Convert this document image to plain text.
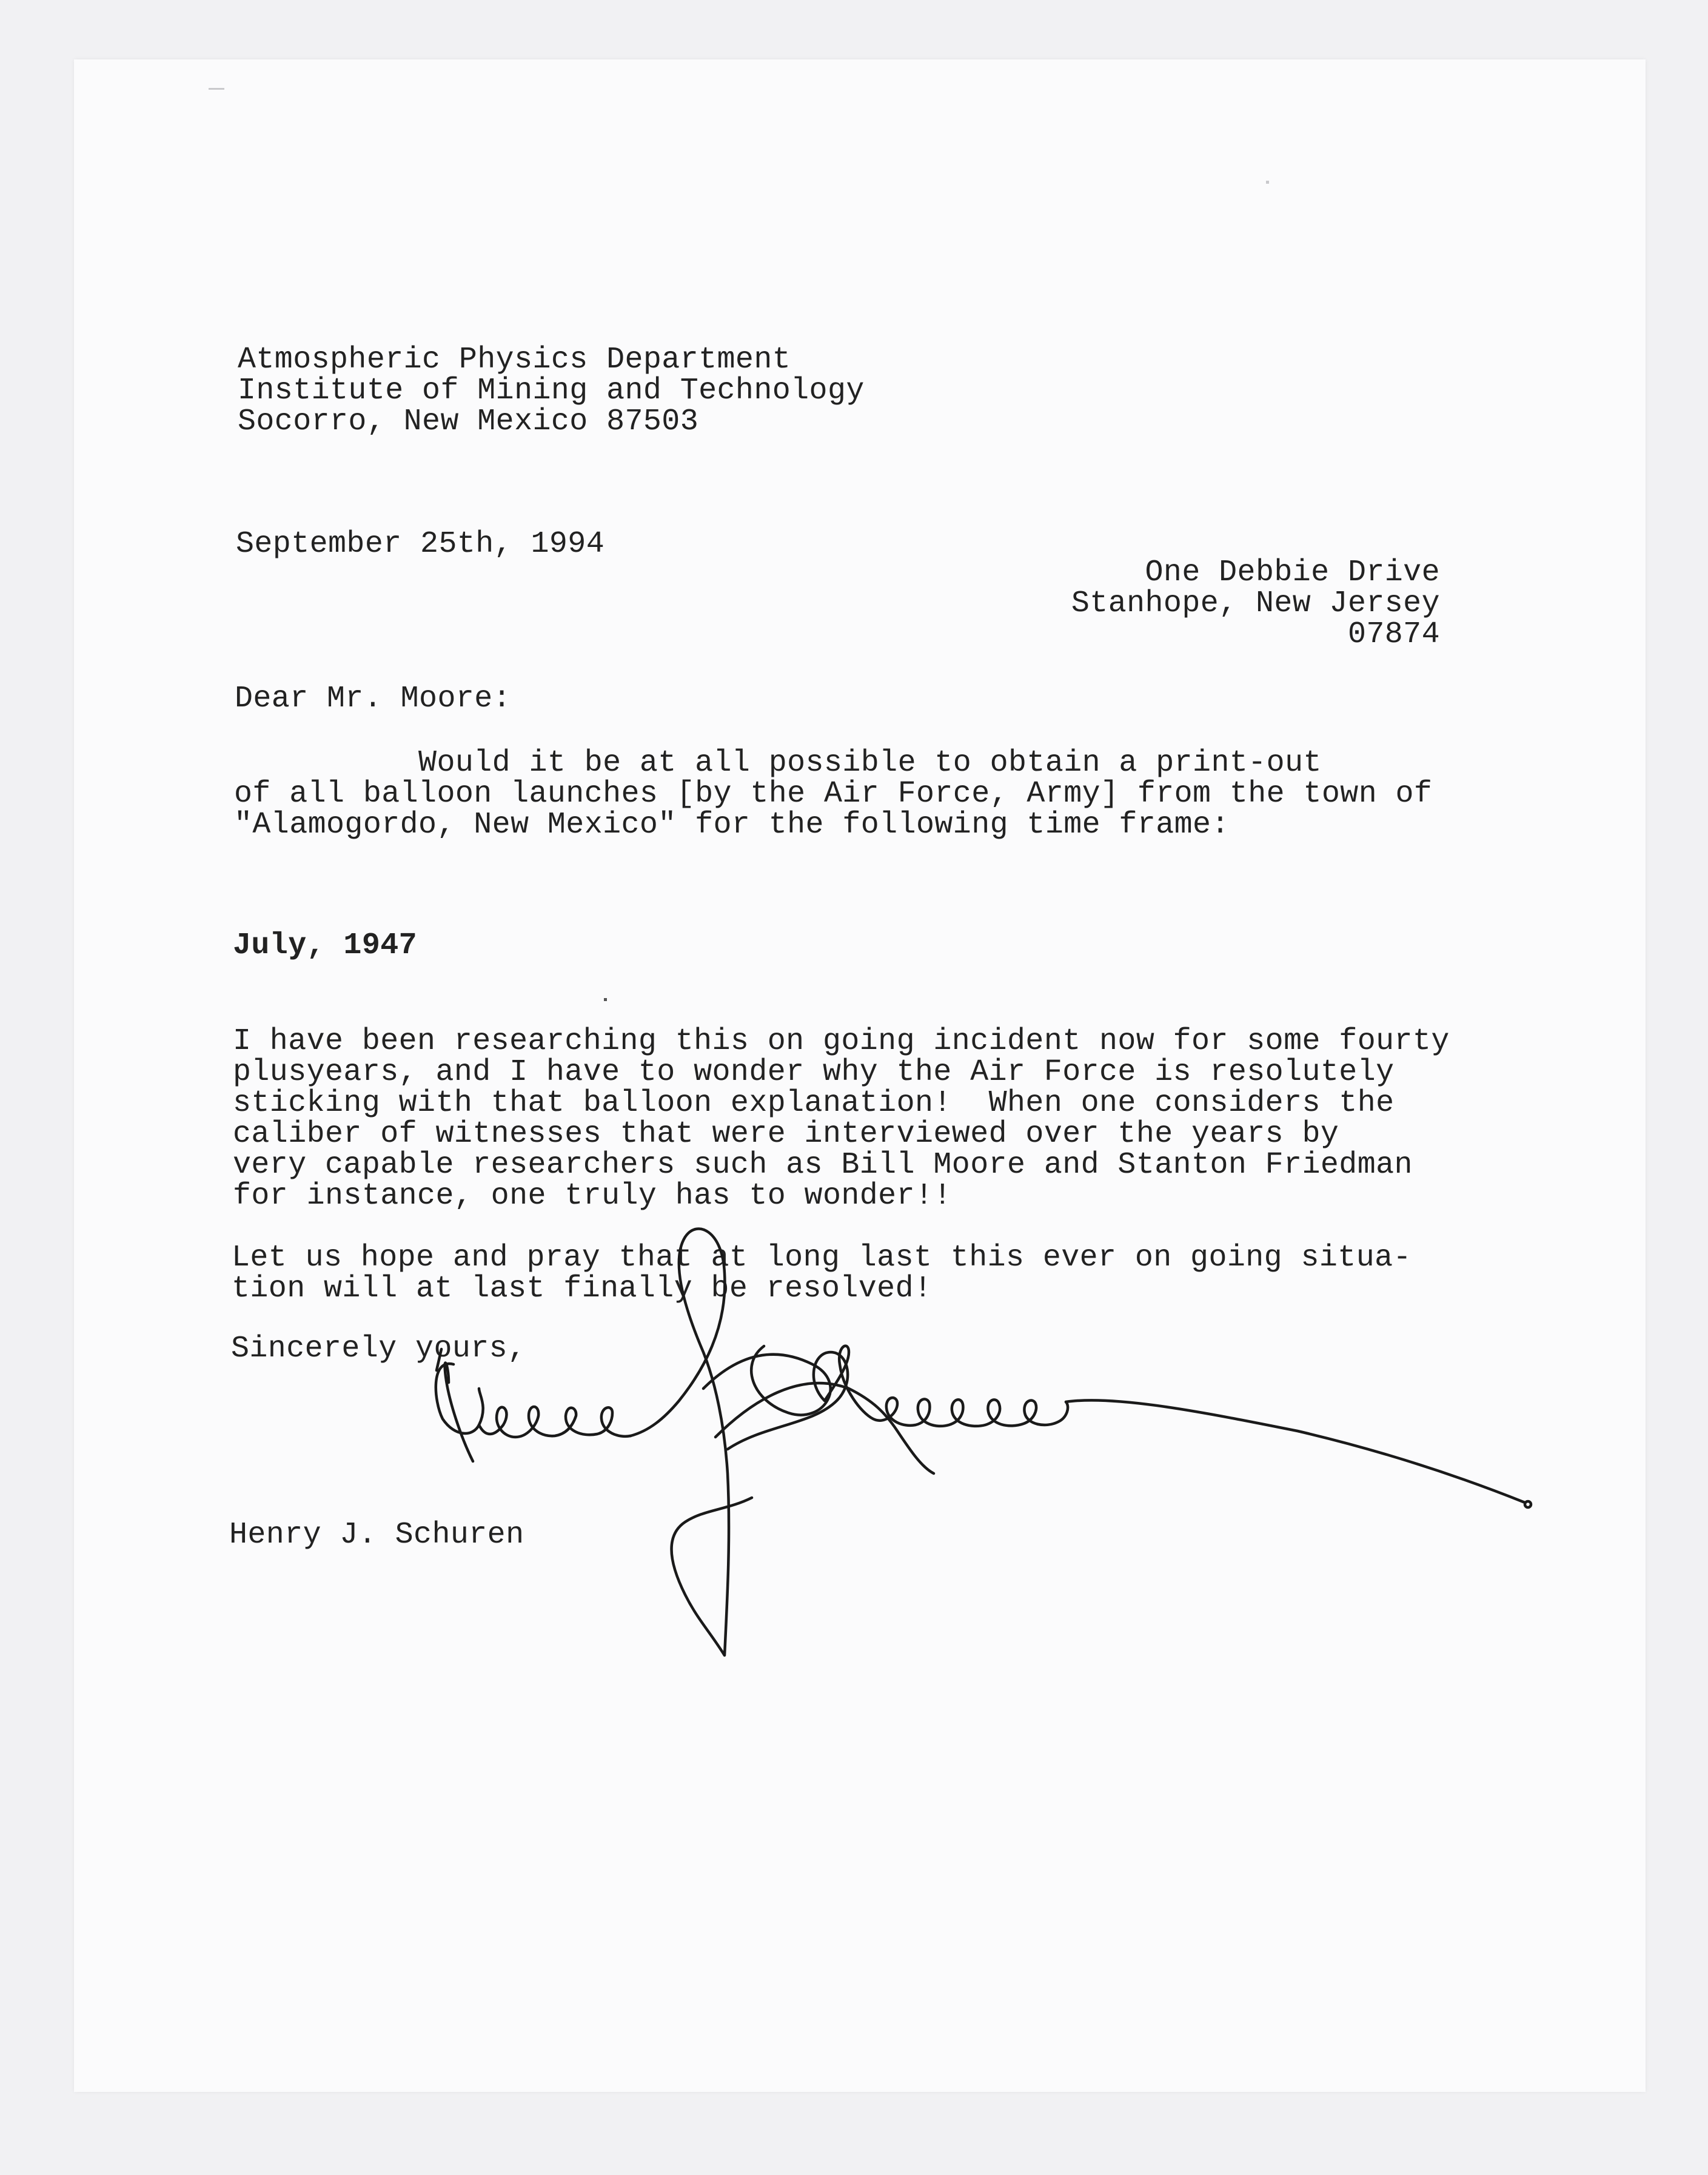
Atmospheric Physics Department
Institute of Mining and Technology
Socorro, New Mexico 87503
September 25th, 1994
One Debbie Drive
Stanhope, New Jersey
07874
Dear Mr. Moore:
Would it be at all possible to obtain a print-out
of all balloon launches [by the Air Force, Army] from the town of
"Alamogordo, New Mexico" for the following time frame:
July, 1947
I have been researching this on going incident now for some fourty
plusyears, and I have to wonder why the Air Force is resolutely
sticking with that balloon explanation!  When one considers the
caliber of witnesses that were interviewed over the years by
very capable researchers such as Bill Moore and Stanton Friedman
for instance, one truly has to wonder!!
Let us hope and pray that at long last this ever on going situa-
tion will at last finally be resolved!
Sincerely yours,
Henry J. Schuren
